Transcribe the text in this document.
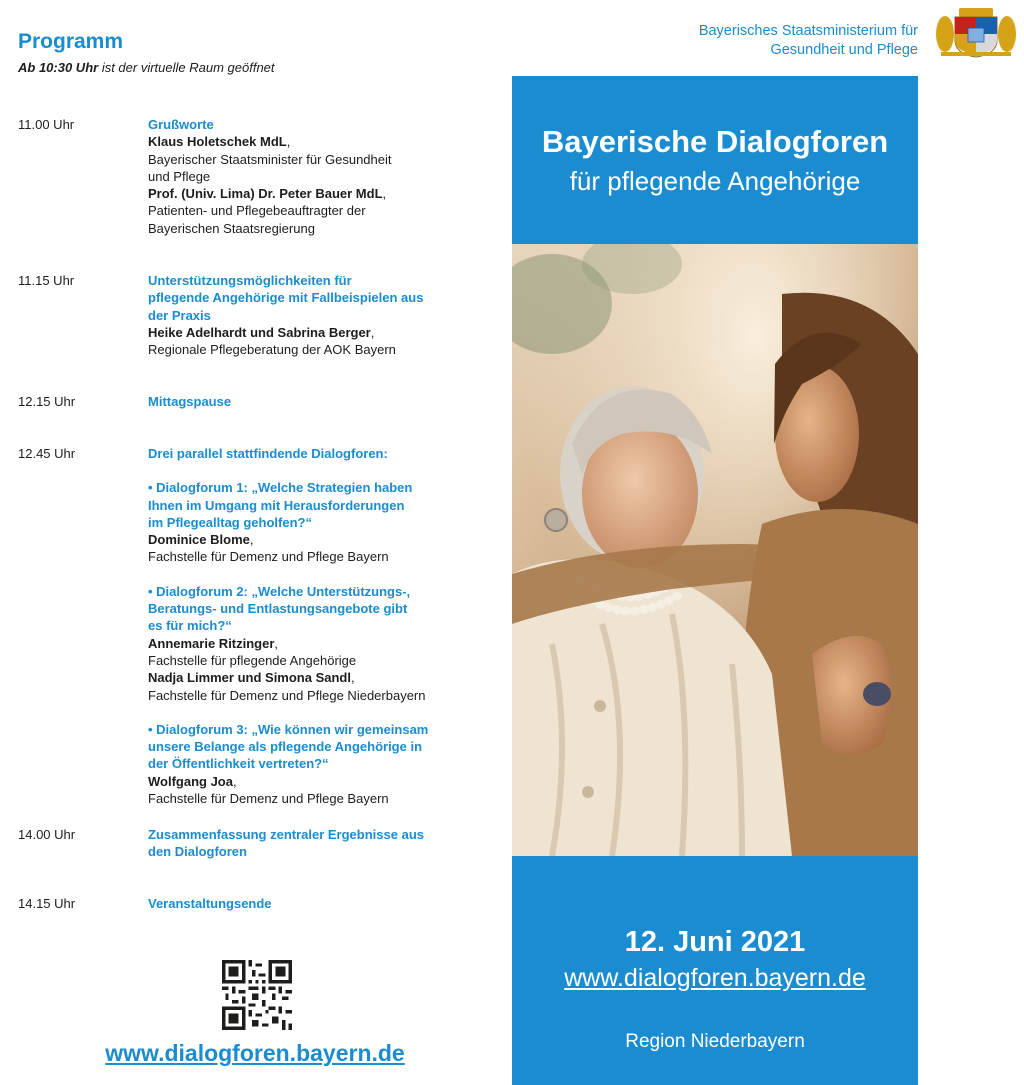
Programm
Ab 10:30 Uhr ist der virtuelle Raum geöffnet
11.00 Uhr	Grußworte
Klaus Holetschek MdL,
Bayerischer Staatsminister für Gesundheit
und Pflege
Prof. (Univ. Lima) Dr. Peter Bauer MdL,
Patienten- und Pflegebeauftragter der
Bayerischen Staatsregierung
11.15 Uhr	Unterstützungsmöglichkeiten für
pflegende Angehörige mit Fallbeispielen aus
der Praxis
Heike Adelhardt und Sabrina Berger,
Regionale Pflegeberatung der AOK Bayern
12.15 Uhr	Mittagspause
12.45 Uhr	Drei parallel stattfindende Dialogforen:
• Dialogforum 1: „Welche Strategien haben
Ihnen im Umgang mit Herausforderungen
im Pflegealltag geholfen?“
Dominice Blome,
Fachstelle für Demenz und Pflege Bayern
• Dialogforum 2: „Welche Unterstützungs-,
Beratungs- und Entlastungsangebote gibt
es für mich?“
Annemarie Ritzinger,
Fachstelle für pflegende Angehörige
Nadja Limmer und Simona Sandl,
Fachstelle für Demenz und Pflege Niederbayern
• Dialogforum 3: „Wie können wir gemeinsam
unsere Belange als pflegende Angehörige in
der Öffentlichkeit vertreten?“
Wolfgang Joa,
Fachstelle für Demenz und Pflege Bayern
14.00 Uhr	Zusammenfassung zentraler Ergebnisse aus
den Dialogforen
14.15 Uhr	Veranstaltungsende
www.dialogforen.bayern.de
Bayerisches Staatsministerium für
Gesundheit und Pflege
Bayerische Dialogforen
für pflegende Angehörige
12. Juni 2021
www.dialogforen.bayern.de
Region Niederbayern
